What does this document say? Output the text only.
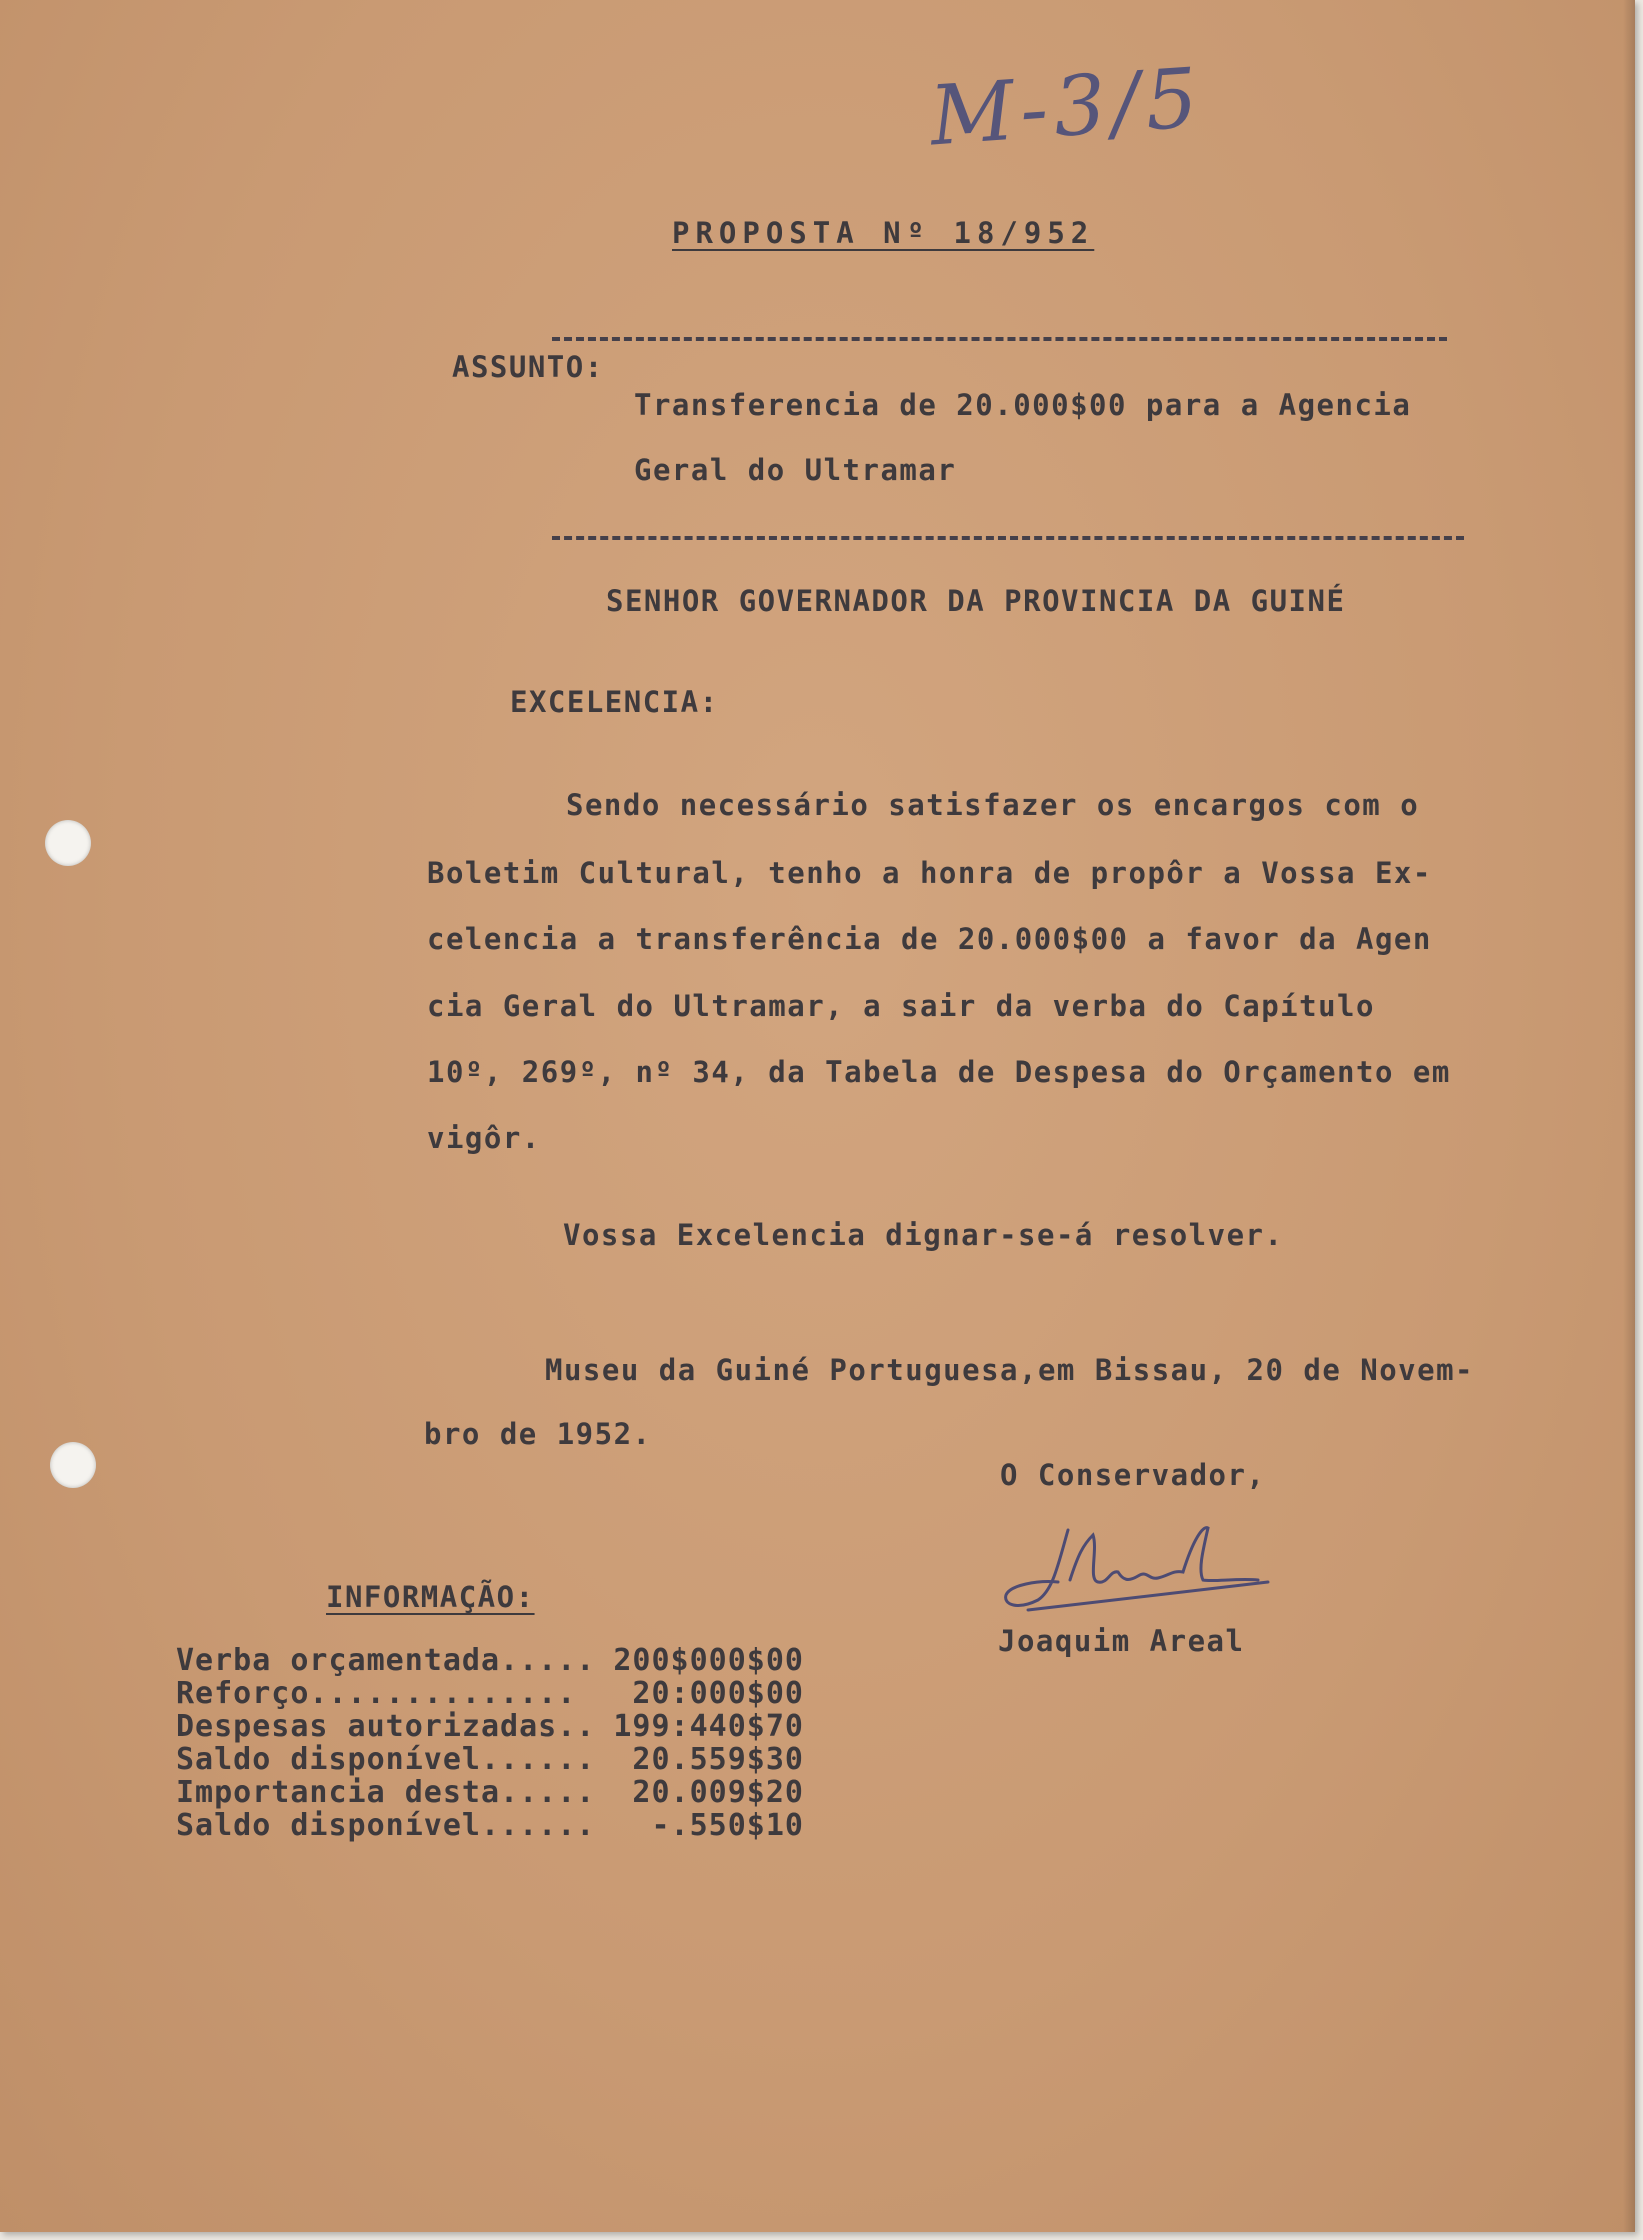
M-3/5
PROPOSTA Nº 18/952
ASSUNTO:
Transferencia de 20.000$00 para a Agencia
Geral do Ultramar
SENHOR GOVERNADOR DA PROVINCIA DA GUINÉ
EXCELENCIA:
Sendo necessário satisfazer os encargos com o
Boletim Cultural, tenho a honra de propôr a Vossa Ex-
celencia a transferência de 20.000$00 a favor da Agen
cia Geral do Ultramar, a sair da verba do Capítulo
10º, 269º, nº 34, da Tabela de Despesa do Orçamento em
vigôr.
Vossa Excelencia dignar-se-á resolver.
Museu da Guiné Portuguesa,em Bissau, 20 de Novem-
bro de 1952.
O Conservador,
Joaquim Areal
INFORMAÇÃO:
Verba orçamentada.....	200$000$00
Reforço..............	20:000$00
Despesas autorizadas..	199:440$70
Saldo disponível......	20.559$30
Importancia desta.....	20.009$20
Saldo disponível......	-.550$10
